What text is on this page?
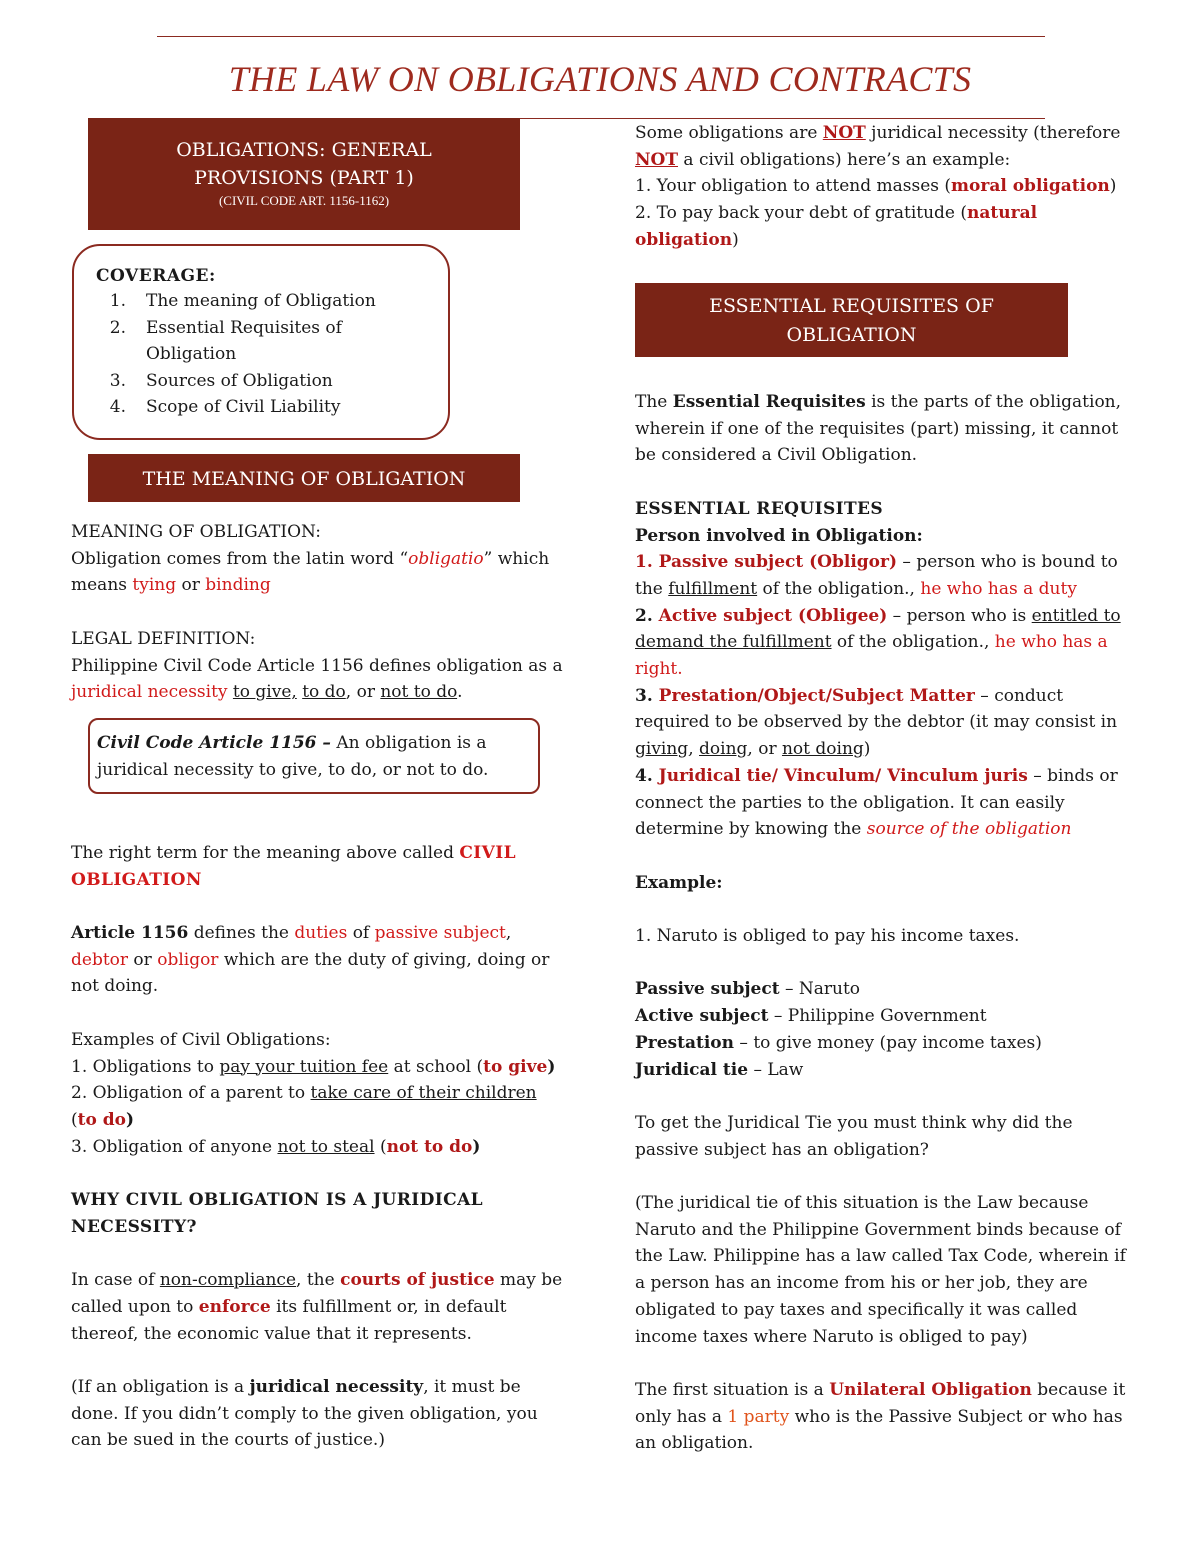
THE LAW ON OBLIGATIONS AND CONTRACTS
OBLIGATIONS: GENERAL
PROVISIONS (PART 1)
(CIVIL CODE ART. 1156-1162)
COVERAGE:
1.	The meaning of Obligation
2.	Essential Requisites of Obligation
3.	Sources of Obligation
4.	Scope of Civil Liability
THE MEANING OF OBLIGATION

MEANING OF OBLIGATION:

Obligation comes from the latin word “obligatio” which means tying or binding

LEGAL DEFINITION:

Philippine Civil Code Article 1156 defines obligation as a juridical necessity to give, to do, or not to do.

The right term for the meaning above called CIVIL OBLIGATION

Article 1156 defines the duties of passive subject, debtor or obligor which are the duty of giving, doing or not doing.

Examples of Civil Obligations:

1. Obligations to pay your tuition fee at school (to give)

2. Obligation of a parent to take care of their children (to do)

3. Obligation of anyone not to steal (not to do)

WHY CIVIL OBLIGATION IS A JURIDICAL NECESSITY?

In case of non-compliance, the courts of justice may be called upon to enforce its fulfillment or, in default thereof, the economic value that it represents.

(If an obligation is a juridical necessity, it must be done. If you didn’t comply to the given obligation, you can be sued in the courts of justice.)

Civil Code Article 1156 – An obligation is a juridical necessity to give, to do, or not to do.

Some obligations are NOT juridical necessity (therefore NOT a civil obligations) here’s an example:

1. Your obligation to attend masses (moral obligation)

2. To pay back your debt of gratitude (natural obligation)

ESSENTIAL REQUISITES OF
OBLIGATION

The Essential Requisites is the parts of the obligation, wherein if one of the requisites (part) missing, it cannot be considered a Civil Obligation.

ESSENTIAL REQUISITES

Person involved in Obligation:

1. Passive subject (Obligor) – person who is bound to the fulfillment of the obligation., he who has a duty

2. Active subject (Obligee) – person who is entitled to demand the fulfillment of the obligation., he who has a right.

3. Prestation/Object/Subject Matter – conduct required to be observed by the debtor (it may consist in giving, doing, or not doing)

4. Juridical tie/ Vinculum/ Vinculum juris – binds or connect the parties to the obligation. It can easily determine by knowing the source of the obligation

Example:

1. Naruto is obliged to pay his income taxes.

Passive subject – Naruto

Active subject – Philippine Government

Prestation – to give money (pay income taxes)

Juridical tie – Law

To get the Juridical Tie you must think why did the passive subject has an obligation?

(The juridical tie of this situation is the Law because Naruto and the Philippine Government binds because of the Law. Philippine has a law called Tax Code, wherein if a person has an income from his or her job, they are obligated to pay taxes and specifically it was called income taxes where Naruto is obliged to pay)

The first situation is a Unilateral Obligation because it only has a 1 party who is the Passive Subject or who has an obligation.
